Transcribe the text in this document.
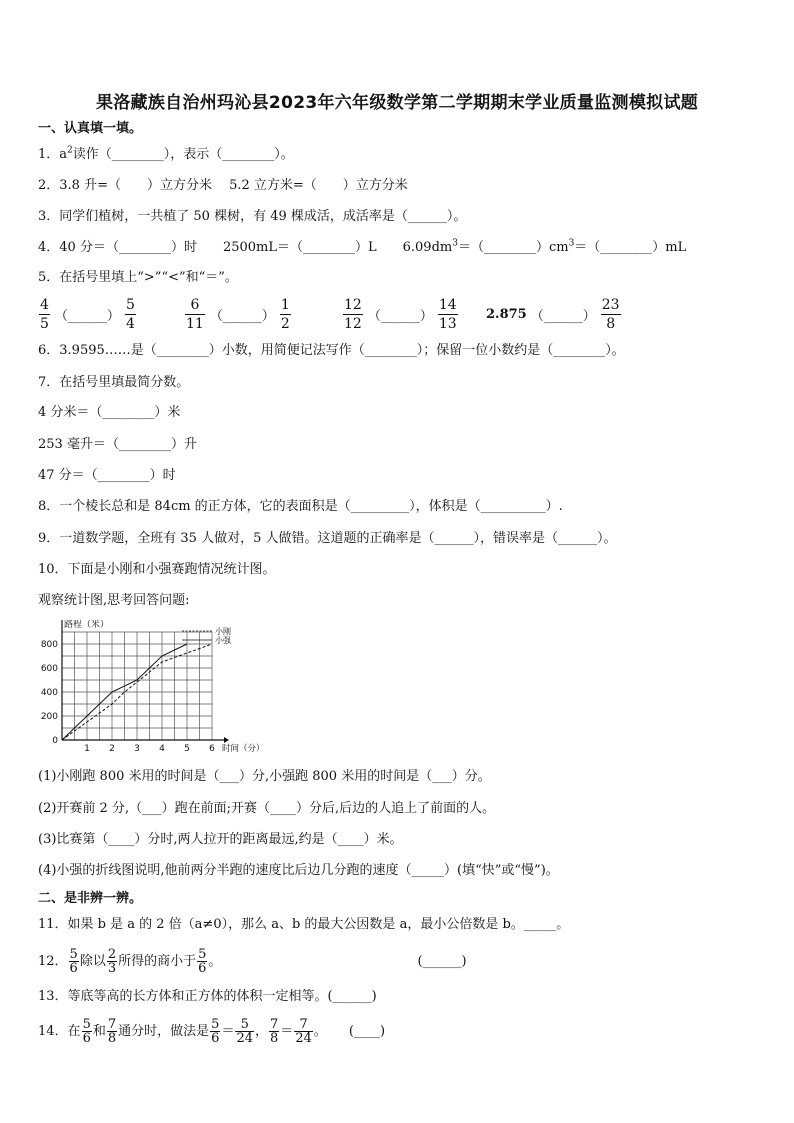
果洛藏族自治州玛沁县2023年六年级数学第二学期期末学业质量监测模拟试题
一、认真填一填。
1．$a^2$读作（________），表示（________）。
2．3.8 升=（　　）立方分米　 5.2 立方米=（　　）立方分米
3．同学们植树，一共植了 50 棵树，有 49 棵成活，成活率是（______）。
4．40 分＝（________）时　　2500mL＝（________）L　　$6.09dm^3=(\_\_\_\_\_\_\_\_)cm^3=(\_\_\_\_\_\_\_\_)mL$
5．在括号里填上“>”“<”和“＝”。
$\frac{4}{5}$ （______） $\frac{5}{4}$	$\frac{6}{11}$ （______） $\frac{1}{2}$	$\frac{12}{12}$ （______） $\frac{14}{13} 2.875$ （______） $\frac{23}{8}$
6．3.9595……是（________）小数，用简便记法写作（________）；保留一位小数约是（________）。
7．在括号里填最简分数。
4 分米＝（________）米
253 毫升＝（________）升
47 分＝（________）时
8．一个棱长总和是 84cm 的正方体，它的表面积是（_________），体积是（__________）.
9．一道数学题，全班有 35 人做对，5 人做错。这道题的正确率是（______），错误率是（______）。
10．下面是小刚和小强赛跑情况统计图。
观察统计图,思考回答问题:
1 2 3 4 5 6
0
200
400
600
800
路程（米）
时间（分）
小刚
小强
(1)小刚跑 800 米用的时间是（___）分,小强跑 800 米用的时间是（___）分。
(2)开赛前 2 分,（___）跑在前面;开赛（____）分后,后边的人追上了前面的人。
(3)比赛第（____）分时,两人拉开的距离最远,约是（____）米。
(4)小强的折线图说明,他前两分半跑的速度比后边几分跑的速度（_____）(填“快”或“慢”)。
二、是非辨一辨。
11．如果 b 是 a 的 2 倍（a≠0），那么 a、b 的最大公因数是 a，最小公倍数是 b。_____。
12． $\frac{5}{6}$ 除以 $\frac{2}{3}$ 所得的商小于 $\frac{5}{6}$ 。	(______)
13．等底等高的长方体和正方体的体积一定相等。(______)
14．在 $\frac{5}{6}$ 和 $\frac{7}{8}$ 通分时，做法是 $\frac{5}{6} = \frac{5}{24}$ ， $\frac{7}{8} = \frac{7}{24}$ 。 (____)
